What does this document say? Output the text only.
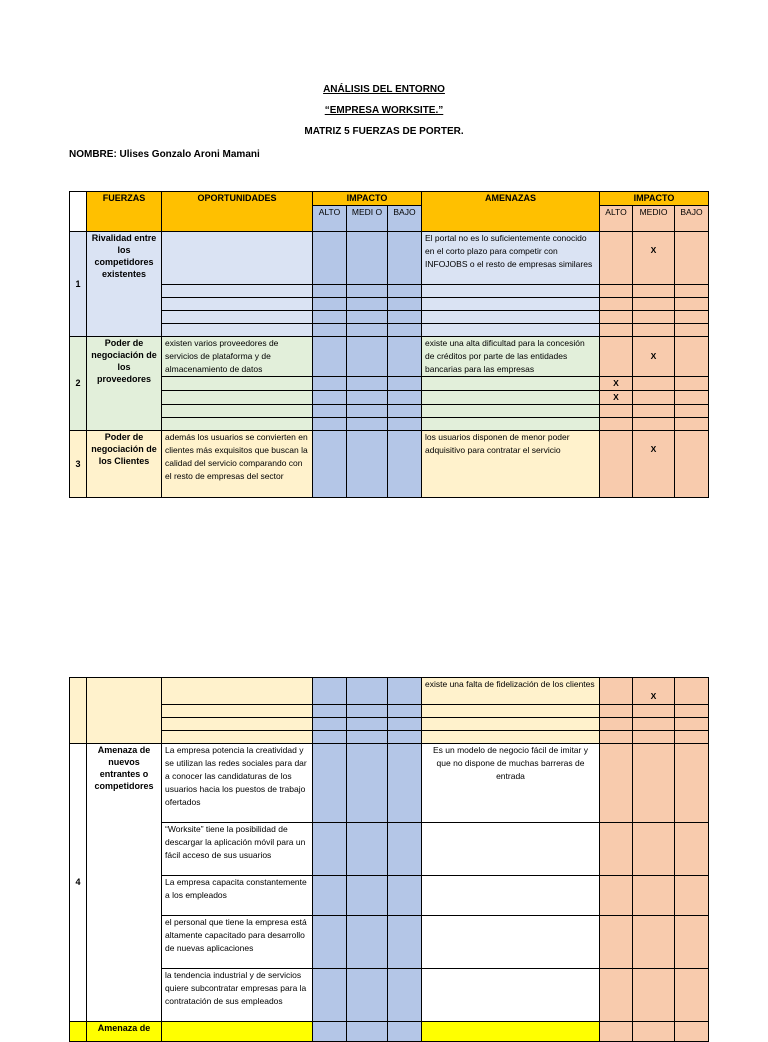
ANÁLISIS DEL ENTORNO
“EMPRESA WORKSITE.”
MATRIZ 5 FUERZAS DE PORTER.
NOMBRE: Ulises Gonzalo Aroni Mamani
	FUERZAS	OPORTUNIDADES	IMPACTO			AMENAZAS	IMPACTO		
			ALTO	MEDI O	BAJO		ALTO	MEDIO	BAJO
1	Rivalidad entre los competidores existentes					El portal no es lo suficientemente conocido en el corto plazo para competir con INFOJOBS o el resto de empresas similares		X	

2	Poder de negociación de los proveedores	existen varios proveedores de servicios de plataforma y de almacenamiento de datos				existe una alta dificultad para la concesión de créditos por parte de las entidades bancarias para las empresas		X	
							X		
							X		

3	Poder de negociación de los Clientes	además los usuarios se convierten en clientes más exquisitos que buscan la calidad del servicio comparando con el resto de empresas del sector				los usuarios disponen de menor poder adquisitivo para contratar el servicio		X	
						existe una falta de fidelización de los clientes		X	

4	Amenaza de nuevos entrantes o competidores	La empresa potencia la creatividad y se utilizan las redes sociales para dar a conocer las candidaturas de los usuarios hacia los puestos de trabajo ofertados				Es un modelo de negocio fácil de imitar y que no dispone de muchas barreras de entrada			
		“Worksite” tiene la posibilidad de descargar la aplicación móvil para un fácil acceso de sus usuarios							
		La empresa capacita constantemente a los empleados							
		el personal que tiene la empresa está altamente capacitado para desarrollo de nuevas aplicaciones							
		la tendencia industrial y de servicios quiere subcontratar empresas para la contratación de sus empleados							
	Amenaza de								
